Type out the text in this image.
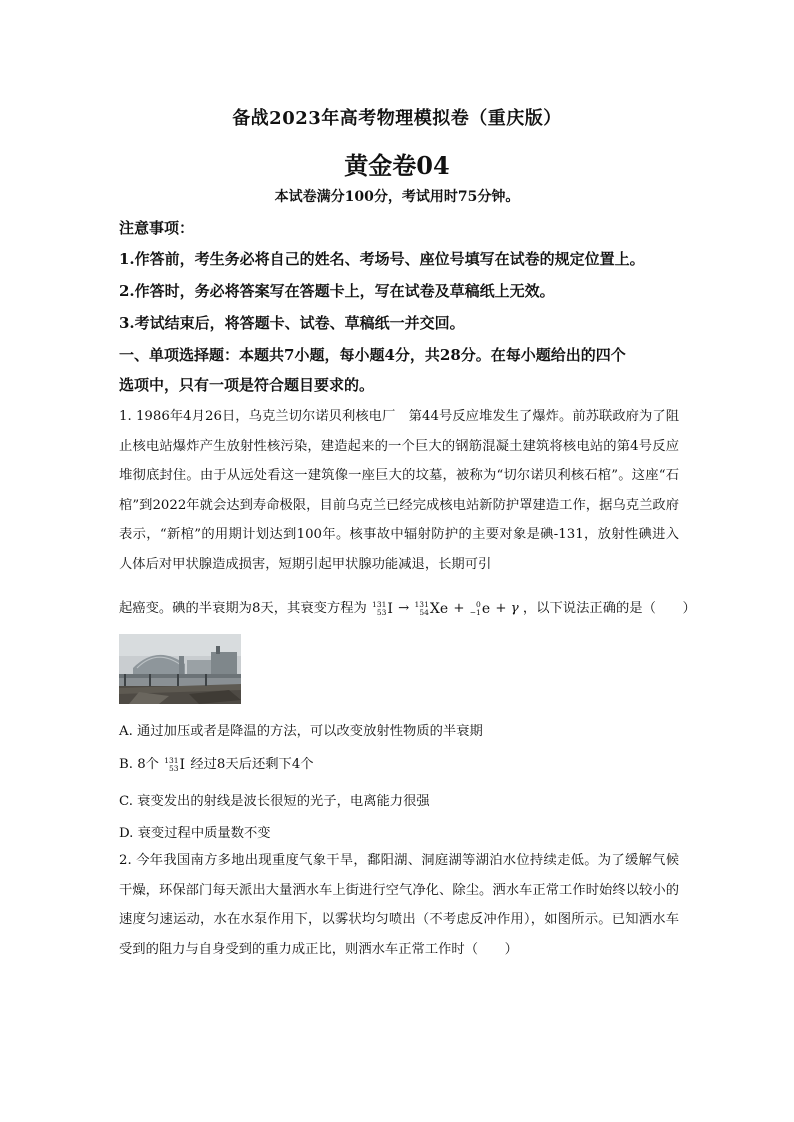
备战2023年高考物理模拟卷（重庆版）
黄金卷04
本试卷满分100分，考试用时75分钟。
注意事项：
1.作答前，考生务必将自己的姓名、考场号、座位号填写在试卷的规定位置上。
2.作答时，务必将答案写在答题卡上，写在试卷及草稿纸上无效。
3.考试结束后，将答题卡、试卷、草稿纸一并交回。
一、单项选择题：本题共7小题，每小题4分，共28分。在每小题给出的四个
选项中，只有一项是符合题目要求的。
1. 1986年4月26日，乌克兰切尔诺贝利核电厂　第44号反应堆发生了爆炸。前苏联政府为了阻止核电站爆炸产生放射性核污染，建造起来的一个巨大的钢筋混凝土建筑将核电站的第4号反应堆彻底封住。由于从远处看这一建筑像一座巨大的坟墓，被称为“切尔诺贝利核石棺”。这座“石棺”到2022年就会达到寿命极限，目前乌克兰已经完成核电站新防护罩建造工作，据乌克兰政府表示，“新棺”的用期计划达到100年。核事故中辐射防护的主要对象是碘-131，放射性碘进入人体后对甲状腺造成损害，短期引起甲状腺功能减退，长期可引
起癌变。碘的半衰期为8天，其衰变方程为 131
53 I → 131
54 Xe +	0
−1 e + γ ，以下说法正确的是（　　）
A. 通过加压或者是降温的方法，可以改变放射性物质的半衰期
B. 8个 131
53 I 经过8天后还剩下4个
C. 衰变发出的射线是波长很短的光子，电离能力很强
D. 衰变过程中质量数不变
2. 今年我国南方多地出现重度气象干旱，鄱阳湖、洞庭湖等湖泊水位持续走低。为了缓解气候干燥，环保部门每天派出大量洒水车上街进行空气净化、除尘。洒水车正常工作时始终以较小的速度匀速运动，水在水泵作用下，以雾状均匀喷出（不考虑反冲作用），如图所示。已知洒水车受到的阻力与自身受到的重力成正比，则洒水车正常工作时（　　）
